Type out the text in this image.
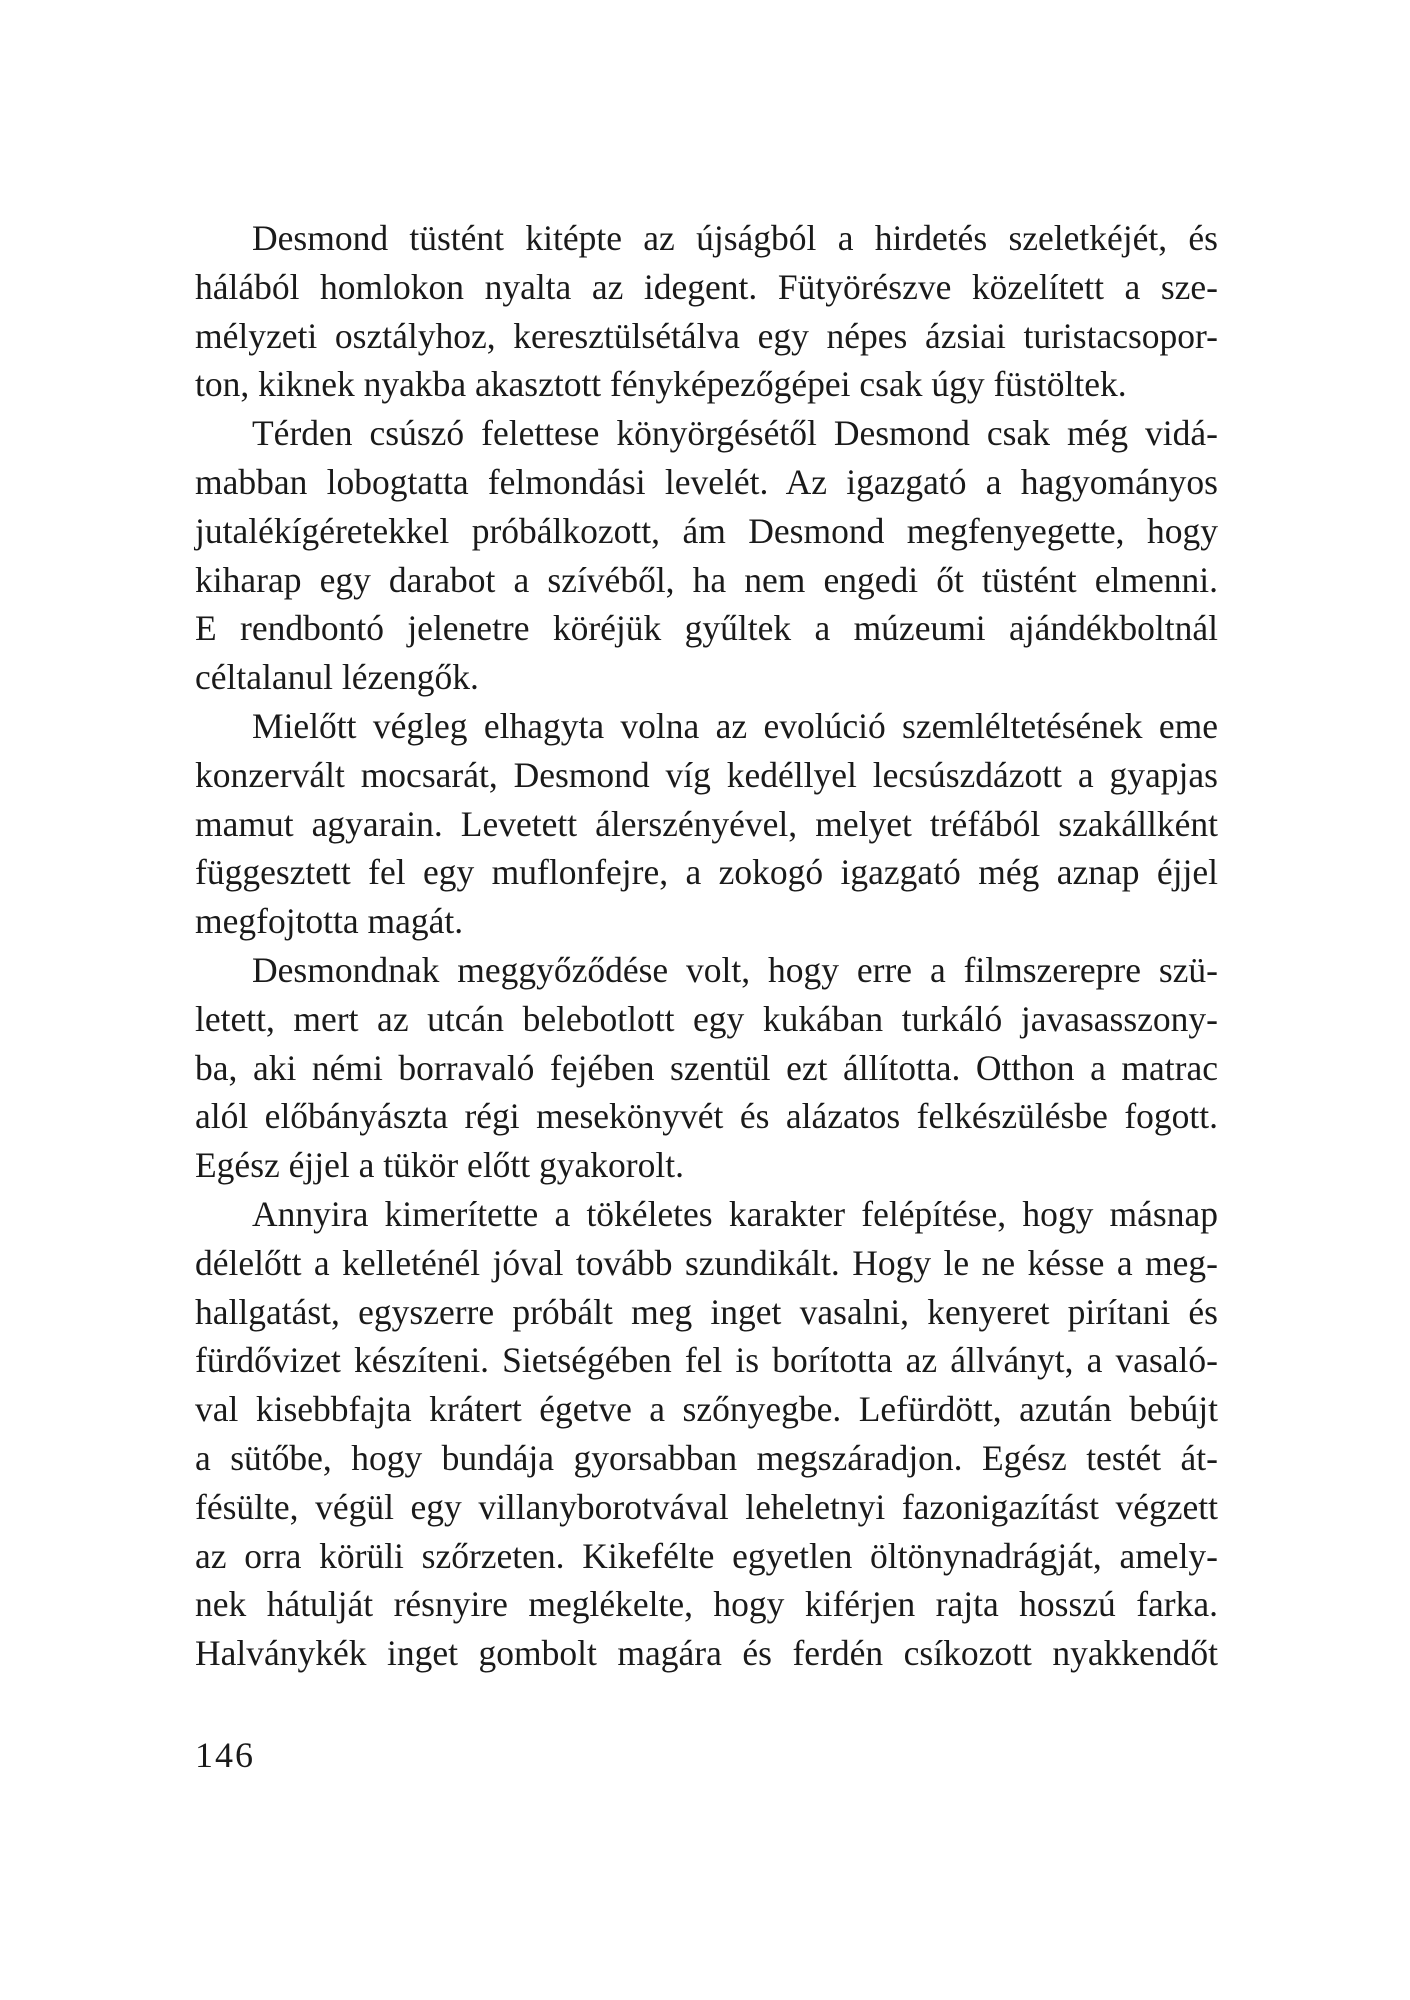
Desmond tüstént kitépte az újságból a hirdetés szeletkéjét, és
hálából homlokon nyalta az idegent. Fütyörészve közelített a sze-
mélyzeti osztályhoz, keresztülsétálva egy népes ázsiai turistacsopor-
ton, kiknek nyakba akasztott fényképezőgépei csak úgy füstöltek.
Térden csúszó felettese könyörgésétől Desmond csak még vidá-
mabban lobogtatta felmondási levelét. Az igazgató a hagyományos
jutalékígéretekkel próbálkozott, ám Desmond megfenyegette, hogy
kiharap egy darabot a szívéből, ha nem engedi őt tüstént elmenni.
E rendbontó jelenetre köréjük gyűltek a múzeumi ajándékboltnál
céltalanul lézengők.
Mielőtt végleg elhagyta volna az evolúció szemléltetésének eme
konzervált mocsarát, Desmond víg kedéllyel lecsúszdázott a gyapjas
mamut agyarain. Levetett álerszényével, melyet tréfából szakállként
függesztett fel egy muflonfejre, a zokogó igazgató még aznap éjjel
megfojtotta magát.
Desmondnak meggyőződése volt, hogy erre a filmszerepre szü-
letett, mert az utcán belebotlott egy kukában turkáló javasasszony-
ba, aki némi borravaló fejében szentül ezt állította. Otthon a matrac
alól előbányászta régi mesekönyvét és alázatos felkészülésbe fogott.
Egész éjjel a tükör előtt gyakorolt.
Annyira kimerítette a tökéletes karakter felépítése, hogy másnap
délelőtt a kelleténél jóval tovább szundikált. Hogy le ne késse a meg-
hallgatást, egyszerre próbált meg inget vasalni, kenyeret pirítani és
fürdővizet készíteni. Sietségében fel is borította az állványt, a vasaló-
val kisebbfajta krátert égetve a szőnyegbe. Lefürdött, azután bebújt
a sütőbe, hogy bundája gyorsabban megszáradjon. Egész testét át-
fésülte, végül egy villanyborotvával leheletnyi fazonigazítást végzett
az orra körüli szőrzeten. Kikefélte egyetlen öltönynadrágját, amely-
nek hátulját résnyire meglékelte, hogy kiférjen rajta hosszú farka.
Halványkék inget gombolt magára és ferdén csíkozott nyakkendőt
146
